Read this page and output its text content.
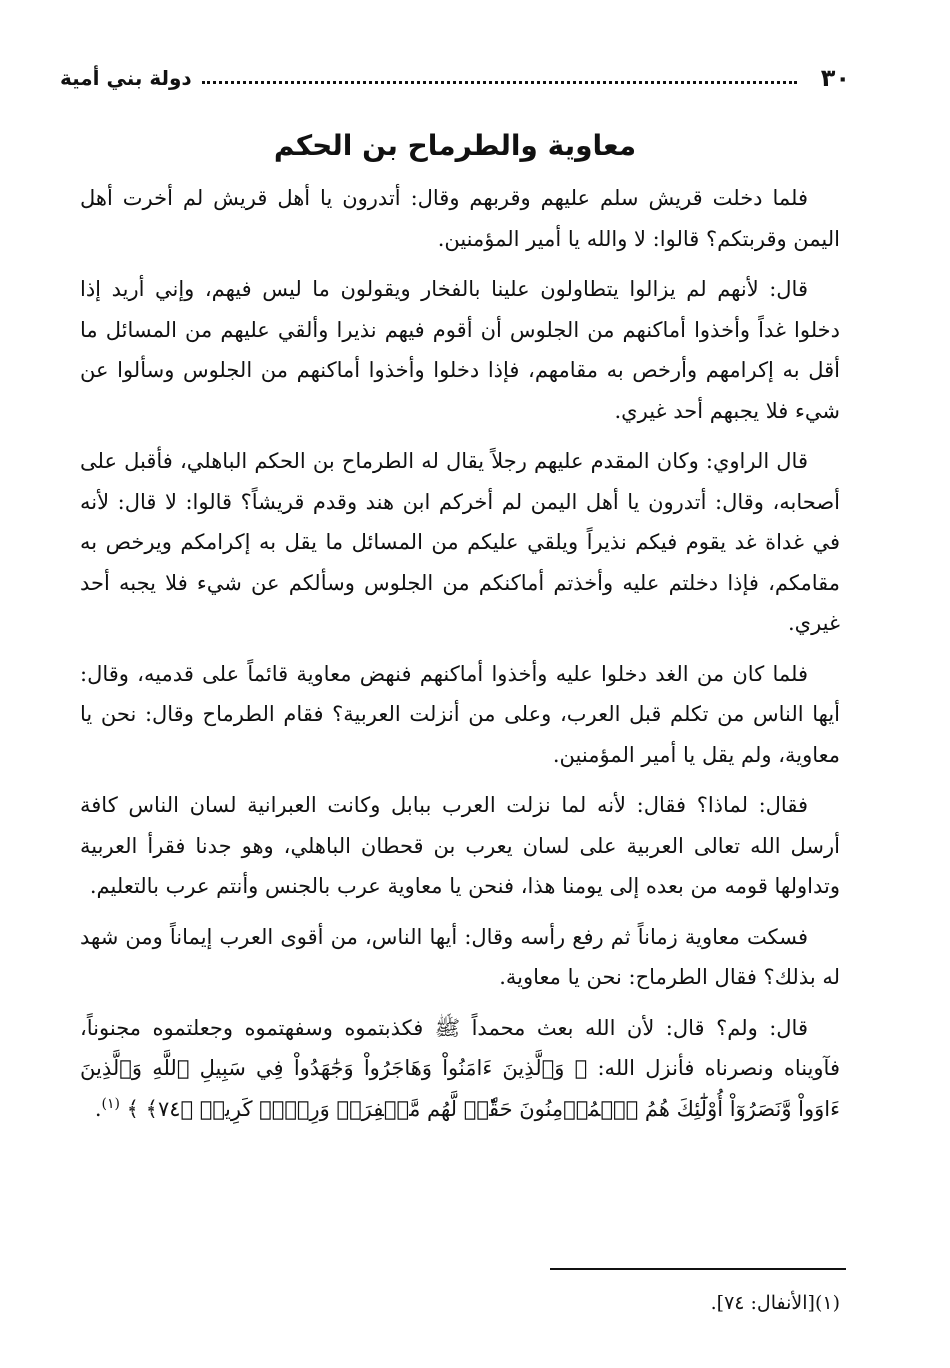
٣٠
دولة بني أمية
معاوية والطرماح بن الحكم

فلما دخلت قريش سلم عليهم وقربهم وقال: أتدرون يا أهل قريش لم أخرت أهل اليمن وقربتكم؟ قالوا: لا والله يا أمير المؤمنين.

قال: لأنهم لم يزالوا يتطاولون علينا بالفخار ويقولون ما ليس فيهم، وإني أريد إذا دخلوا غداً وأخذوا أماكنهم من الجلوس أن أقوم فيهم نذيرا وألقي عليهم من المسائل ما أقل به إكرامهم وأرخص به مقامهم، فإذا دخلوا وأخذوا أماكنهم من الجلوس وسألوا عن شيء فلا يجبهم أحد غيري.

قال الراوي: وكان المقدم عليهم رجلاً يقال له الطرماح بن الحكم الباهلي، فأقبل على أصحابه، وقال: أتدرون يا أهل اليمن لم أخركم ابن هند وقدم قريشاً؟ قالوا: لا قال: لأنه في غداة غد يقوم فيكم نذيراً ويلقي عليكم من المسائل ما يقل به إكرامكم ويرخص به مقامكم، فإذا دخلتم عليه وأخذتم أماكنكم من الجلوس وسألكم عن شيء فلا يجبه أحد غيري.

فلما كان من الغد دخلوا عليه وأخذوا أماكنهم فنهض معاوية قائماً على قدميه، وقال: أيها الناس من تكلم قبل العرب، وعلى من أنزلت العربية؟ فقام الطرماح وقال: نحن يا معاوية، ولم يقل يا أمير المؤمنين.

فقال: لماذا؟ فقال: لأنه لما نزلت العرب ببابل وكانت العبرانية لسان الناس كافة أرسل الله تعالى العربية على لسان يعرب بن قحطان الباهلي، وهو جدنا فقرأ العربية وتداولها قومه من بعده إلى يومنا هذا، فنحن يا معاوية عرب بالجنس وأنتم عرب بالتعليم.

فسكت معاوية زماناً ثم رفع رأسه وقال: أيها الناس، من أقوى العرب إيماناً ومن شهد له بذلك؟ فقال الطرماح: نحن يا معاوية.

قال: ولم؟ قال: لأن الله بعث محمداً ﷺ فكذبتموه وسفهتموه وجعلتموه مجنوناً، فآويناه ونصرناه فأنزل الله: ﴿ وَٱلَّذِينَ ءَامَنُواْ وَهَاجَرُواْ وَجَٰهَدُواْ فِي سَبِيلِ ٱللَّهِ وَٱلَّذِينَ ءَاوَواْ وَّنَصَرُوٓاْ أُوْلَٰٓئِكَ هُمُ ٱلۡمُؤۡمِنُونَ حَقّٗاۚ لَّهُم مَّغۡفِرَةٞ وَرِزۡقٞ كَرِيمٞ ﴿٧٤﴾ ﴾ $^{(١)}$.

(١)[الأنفال: ٧٤].
